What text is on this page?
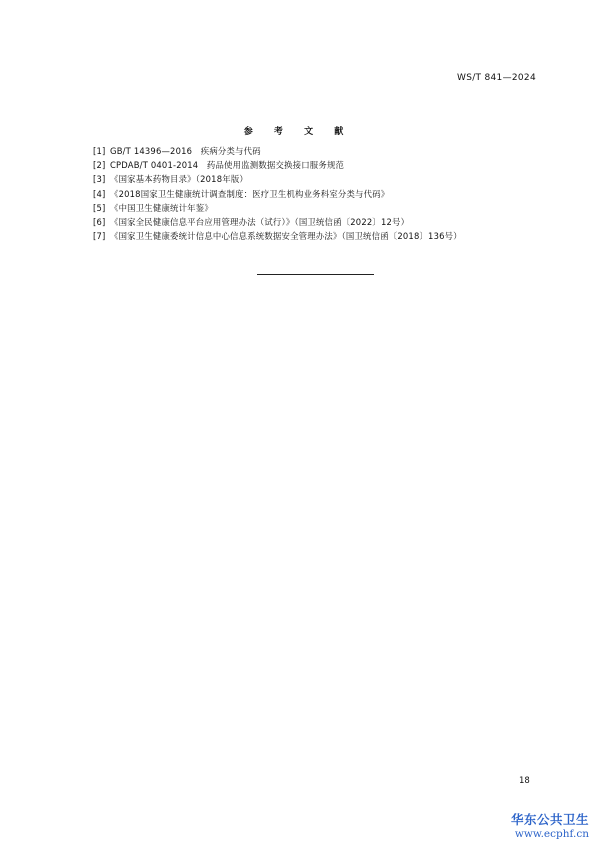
WS/T 841—2024
参 考 文 献
[1] GB/T 14396—2016　疾病分类与代码
[2] CPDAB/T 0401-2014　药品使用监测数据交换接口服务规范
[3] 《国家基本药物目录》（2018年版）
[4] 《2018国家卫生健康统计调查制度：医疗卫生机构业务科室分类与代码》
[5] 《中国卫生健康统计年鉴》
[6] 《国家全民健康信息平台应用管理办法（试行）》（国卫统信函〔2022〕12号）
[7] 《国家卫生健康委统计信息中心信息系统数据安全管理办法》（国卫统信函〔2018〕136号）
18
华东公共卫生
www.ecphf.cn
